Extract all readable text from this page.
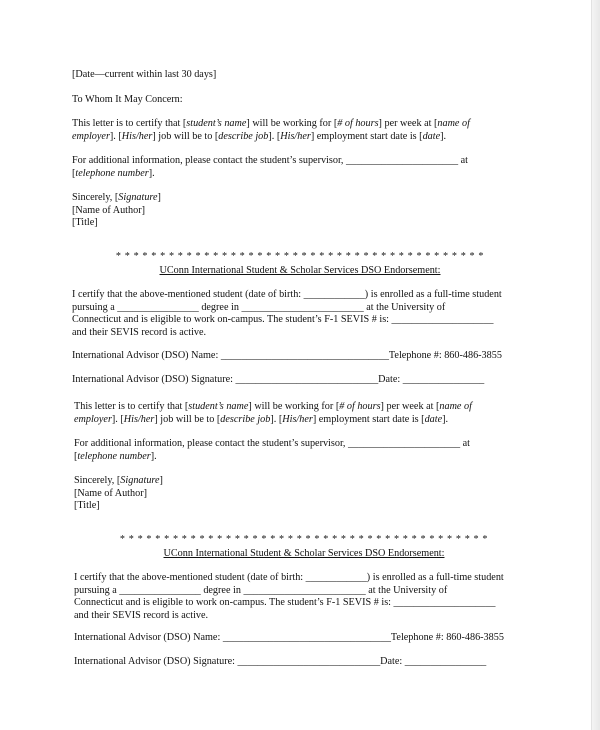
[Date—current within last 30 days]

To Whom It May Concern:

This letter is to certify that [student’s name] will be working for [# of hours] per week at [name of

employer]. [His/her] job will be to [describe job]. [His/her] employment start date is [date].

For additional information, please contact the student’s supervisor, ______________________ at

[telephone number].

Sincerely, [Signature]

[Name of Author]

[Title]

* * * * * * * * * * * * * * * * * * * * * * * * * * * * * * * * * * * * * * * * * *

UConn International Student & Scholar Services DSO Endorsement:

I certify that the above-mentioned student (date of birth: ____________) is enrolled as a full-time student

pursuing a ________________ degree in ________________________ at the University of

Connecticut and is eligible to work on-campus. The student’s F-1 SEVIS # is: ____________________

and their SEVIS record is active.

International Advisor (DSO) Name: _________________________________Telephone #: 860-486-3855

International Advisor (DSO) Signature: ____________________________Date: ________________

This letter is to certify that [student’s name] will be working for [# of hours] per week at [name of

employer]. [His/her] job will be to [describe job]. [His/her] employment start date is [date].

For additional information, please contact the student’s supervisor, ______________________ at

[telephone number].

Sincerely, [Signature]

[Name of Author]

[Title]

* * * * * * * * * * * * * * * * * * * * * * * * * * * * * * * * * * * * * * * * * *

UConn International Student & Scholar Services DSO Endorsement:

I certify that the above-mentioned student (date of birth: ____________) is enrolled as a full-time student

pursuing a ________________ degree in ________________________ at the University of

Connecticut and is eligible to work on-campus. The student’s F-1 SEVIS # is: ____________________

and their SEVIS record is active.

International Advisor (DSO) Name: _________________________________Telephone #: 860-486-3855

International Advisor (DSO) Signature: ____________________________Date: ________________
